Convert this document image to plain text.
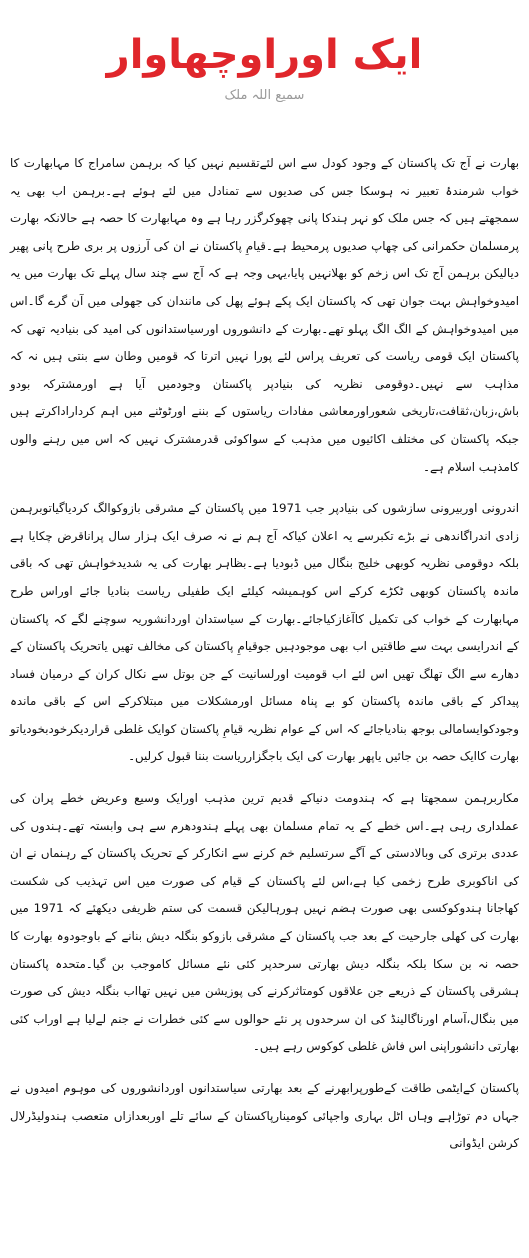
ایک اوراوچھاوار
سمیع اللہ ملک

بھارت نے آج تک پاکستان کے وجود کودل سے اس لئےتقسیم نہیں کیا کہ برہمن سامراج کا مہابھارت کا خواب شرمندۂ تعبیر نہ ہوسکا جس کی صدیوں سے تمنادل میں لئے ہوئے ہے۔برہمن اب بھی یہ سمجھتے ہیں کہ جس ملک کو نہر ہندکا پانی چھوکرگزر رہا ہے وہ مہابھارت کا حصہ ہے حالانکہ بھارت پرمسلمان حکمرانی کی چھاپ صدیوں پرمحیط ہے۔قیامِ پاکستان نے ان کی آرزوں پر بری طرح پانی پھیر دیالیکن برہمن آج تک اس زخم کو بھلانہیں پایا،یہی وجہ ہے کہ آج سے چند سال پہلے تک بھارت میں یہ امیدوخواہش بہت جوان تھی کہ پاکستان ایک پکے ہوئے پھل کی مانندان کی جھولی میں آن گرے گا۔اس میں امیدوخواہش کے الگ الگ پہلو تھے۔بھارت کے دانشوروں اورسیاستدانوں کی امید کی بنیادیہ تھی کہ پاکستان ایک قومی ریاست کی تعریف پراس لئے پورا نہیں اترتا کہ قومیں وطان سے بنتی ہیں نہ کہ مذاہب سے نہیں۔دوقومی نظریہ کی بنیادپر پاکستان وجودمیں آیا ہے اورمشترکہ بودو باش،زبان،ثقافت،تاریخی شعوراورمعاشی مفادات ریاستوں کے بننے اورٹوٹنے میں اہم کرداراداکرتے ہیں جبکہ پاکستان کی مختلف اکائیوں میں مذہب کے سواکوئی قدرمشترک نہیں کہ اس میں رہنے والوں کامذہب اسلام ہے۔

اندرونی اوربیرونی سازشوں کی بنیادپر جب 1971 میں پاکستان کے مشرقی بازوکوالگ کردیاگیاتوبرہمن زادی اندراگاندھی نے بڑے تکبرسے یہ اعلان کیاکہ آج ہم نے نہ صرف ایک ہزار سال پراناقرض چکایا ہے بلکہ دوقومی نظریہ کوبھی خلیج بنگال میں ڈبودیا ہے۔بظاہر بھارت کی یہ شدیدخواہش تھی کہ باقی ماندہ پاکستان کوبھی ٹکڑے کرکے اس کوہمیشہ کیلئے ایک طفیلی ریاست بنادیا جائے اوراس طرح مہابھارت کے خواب کی تکمیل کاآغازکیاجائے۔بھارت کے سیاستدان اوردانشوریہ سوچنے لگے کہ پاکستان کے اندرایسی بہت سے طاقتیں اب بھی موجودہیں جوقیامِ پاکستان کی مخالف تھیں یاتحریک پاکستان کے دھارے سے الگ تھلگ تھیں اس لئے اب قومیت اورلسانیت کے جن بوتل سے نکال کران کے درمیان فساد پیداکر کے باقی ماندہ پاکستان کو بے پناہ مسائل اورمشکلات میں مبتلاکرکے اس کے باقی ماندہ وجودکوایسامالی بوجھ بنادیاجائے کہ اس کے عوام نظریہ قیامِ پاکستان کوایک غلطی قراردیکرخودبخودیاتو بھارت کاایک حصہ بن جائیں یاپھر بھارت کی ایک باجگزارریاست بننا قبول کرلیں۔

مکاربرہمن سمجھتا ہے کہ ہندومت دنیاکے قدیم ترین مذہب اورایک وسیع وعریض خطے پران کی عملداری رہی ہے۔اس خطے کے یہ تمام مسلمان بھی پہلے ہندودھرم سے ہی وابستہ تھے۔ہندوں کی عددی برتری کی وبالادستی کے آگے سرتسلیم خم کرنے سے انکارکر کے تحریک پاکستان کے رہنماں نے ان کی اناکوبری طرح زخمی کیا ہے،اس لئے پاکستان کے قیام کی صورت میں اس تہذیب کی شکست کھاجانا ہندوکوکسی بھی صورت ہضم نہیں ہورہالیکن قسمت کی ستم ظریفی دیکھئے کہ 1971 میں بھارت کی کھلی جارحیت کے بعد جب پاکستان کے مشرقی بازوکو بنگلہ دیش بنانے کے باوجودوہ بھارت کا حصہ نہ بن سکا بلکہ بنگلہ دیش بھارتی سرحدپر کئی نئے مسائل کاموجب بن گیا۔متحدہ پاکستان ہشرقی پاکستان کے ذریعے جن علاقوں کومتاثرکرنے کی پوزیشن میں نہیں تھااب بنگلہ دیش کی صورت میں بنگال،آسام اورناگالینڈ کی ان سرحدوں پر نئے حوالوں سے کئی خطرات نے جنم لےلیا ہے اوراب کئی بھارتی دانشوراپنی اس فاش غلطی کوکوس رہے ہیں۔

پاکستان کےایٹمی طاقت کےطورپرابھرنے کے بعد بھارتی سیاستدانوں اوردانشوروں کی موہوم امیدوں نے جہاں دم توڑاہے وہاں اٹل بہاری واجپائی کومینارپاکستان کے سائے تلے اوربعدازاں متعصب ہندولیڈرلال کرشن ایڈوانی
